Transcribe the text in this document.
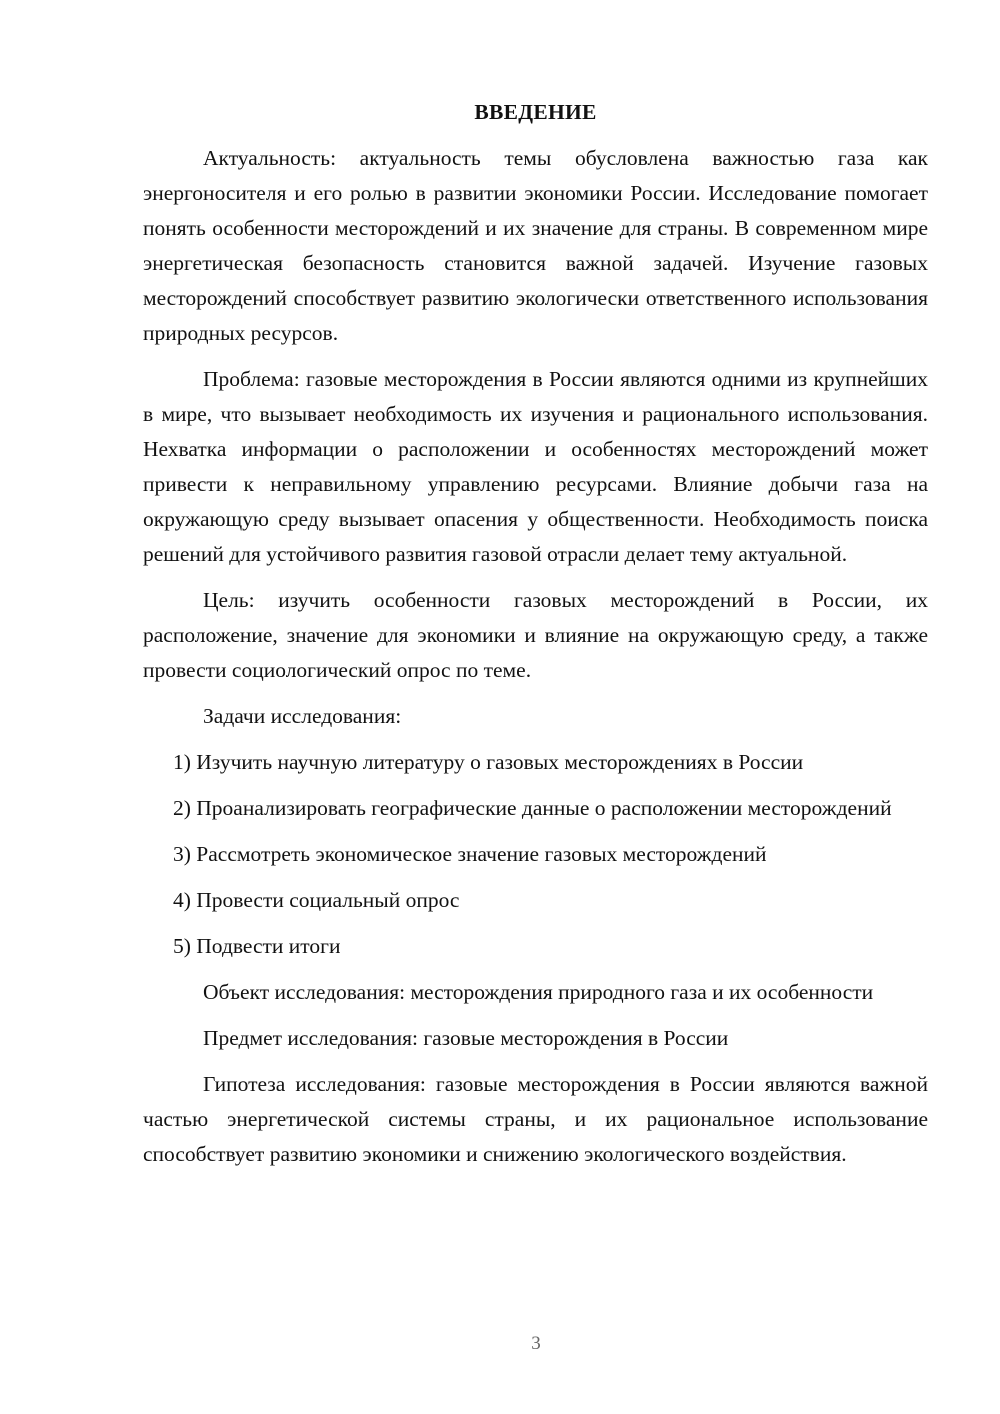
ВВЕДЕНИЕ
Актуальность: актуальность темы обусловлена важностью газа как энергоносителя и его ролью в развитии экономики России. Исследование помогает понять особенности месторождений и их значение для страны. В современном мире энергетическая безопасность становится важной задачей. Изучение газовых месторождений способствует развитию экологически ответственного использования природных ресурсов.
Проблема: газовые месторождения в России являются одними из крупнейших в мире, что вызывает необходимость их изучения и рационального использования. Нехватка информации о расположении и особенностях месторождений может привести к неправильному управлению ресурсами. Влияние добычи газа на окружающую среду вызывает опасения у общественности. Необходимость поиска решений для устойчивого развития газовой отрасли делает тему актуальной.
Цель: изучить особенности газовых месторождений в России, их расположение, значение для экономики и влияние на окружающую среду, а также провести социологический опрос по теме.
Задачи исследования:
1) Изучить научную литературу о газовых месторождениях в России
2) Проанализировать географические данные о расположении месторождений
3) Рассмотреть экономическое значение газовых месторождений
4) Провести социальный опрос
5) Подвести итоги
Объект исследования: месторождения природного газа и их особенности
Предмет исследования: газовые месторождения в России
Гипотеза исследования: газовые месторождения в России являются важной частью энергетической системы страны, и их рациональное использование способствует развитию экономики и снижению экологического воздействия.
3
